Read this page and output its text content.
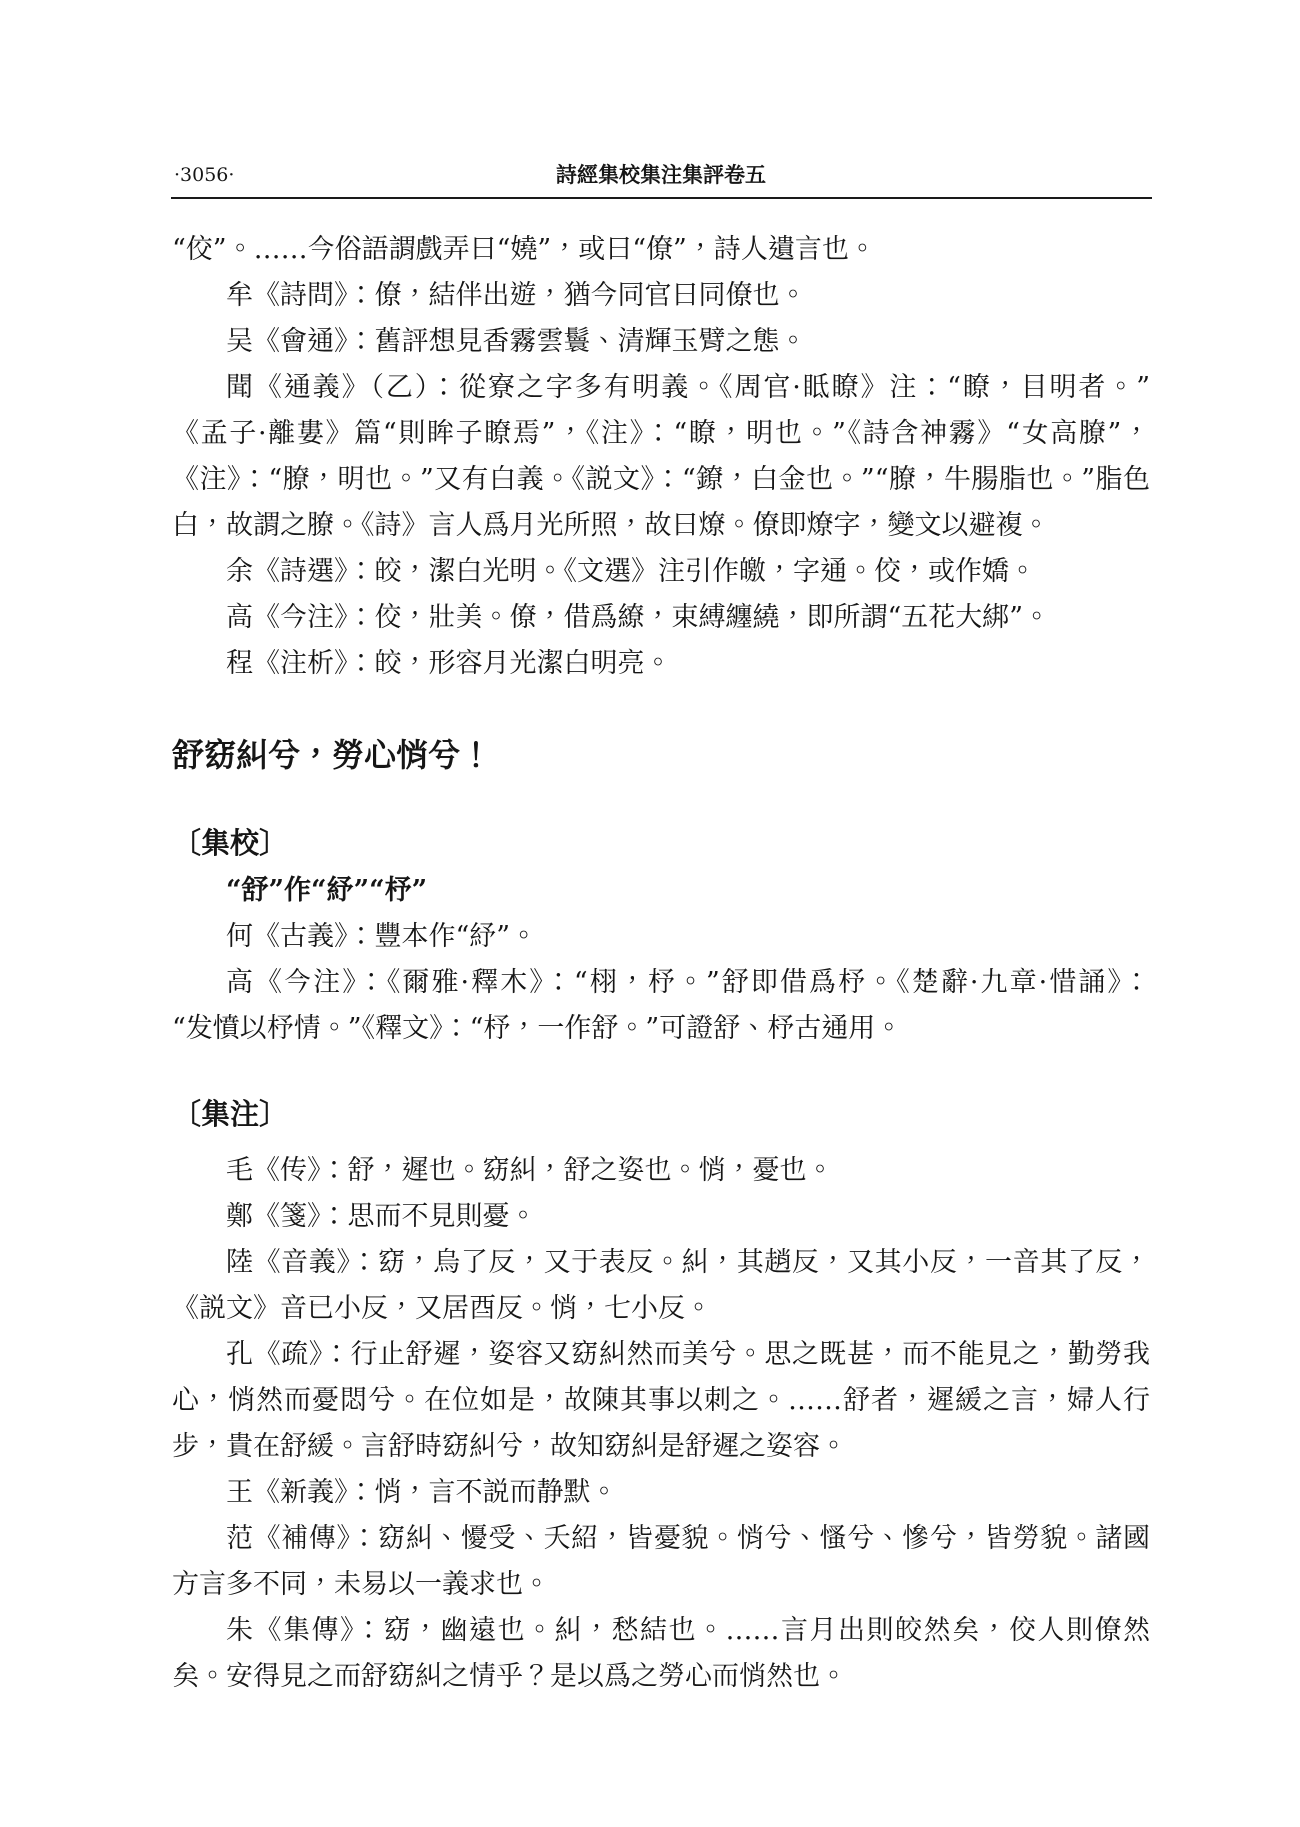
·3056·	詩經集校集注集評卷五
“佼”。……今俗語謂戲弄曰“嬈”，或曰“僚”，詩人遺言也。
牟《詩問》：僚，結伴出遊，猶今同官曰同僚也。
吴《會通》：舊評想見香霧雲鬟、清輝玉臂之態。
聞《通義》（乙）：從寮之字多有明義。《周官·眡瞭》注：“瞭，目明者。”
《孟子·離婁》篇“則眸子瞭焉”，《注》：“瞭，明也。”《詩含神霧》“女高膫”，
《注》：“膫，明也。”又有白義。《説文》：“鐐，白金也。”“膫，牛腸脂也。”脂色
白，故謂之膫。《詩》言人爲月光所照，故曰燎。僚即燎字，變文以避複。
余《詩選》：皎，潔白光明。《文選》注引作皦，字通。佼，或作嬌。
高《今注》：佼，壯美。僚，借爲繚，束縛纏繞，即所謂“五花大綁”。
程《注析》：皎，形容月光潔白明亮。
舒窈糾兮，勞心悄兮！
〔集校〕
“舒”作“紓”“杼”
何《古義》：豐本作“紓”。
高《今注》：《爾雅·釋木》：“栩，杼。”舒即借爲杼。《楚辭·九章·惜誦》：
“发憤以杼情。”《釋文》：“杼，一作舒。”可證舒、杼古通用。
〔集注〕
毛《传》：舒，遲也。窈糾，舒之姿也。悄，憂也。
鄭《箋》：思而不見則憂。
陸《音義》：窈，烏了反，又于表反。糾，其趙反，又其小反，一音其了反，
《説文》音已小反，又居酉反。悄，七小反。
孔《疏》：行止舒遲，姿容又窈糾然而美兮。思之既甚，而不能見之，勤勞我
心，悄然而憂悶兮。在位如是，故陳其事以刺之。……舒者，遲緩之言，婦人行
步，貴在舒緩。言舒時窈糾兮，故知窈糾是舒遲之姿容。
王《新義》：悄，言不説而静默。
范《補傳》：窈糾、懮受、夭紹，皆憂貌。悄兮、慅兮、慘兮，皆勞貌。諸國
方言多不同，未易以一義求也。
朱《集傳》：窈，幽遠也。糾，愁結也。……言月出則皎然矣，佼人則僚然
矣。安得見之而舒窈糾之情乎？是以爲之勞心而悄然也。
